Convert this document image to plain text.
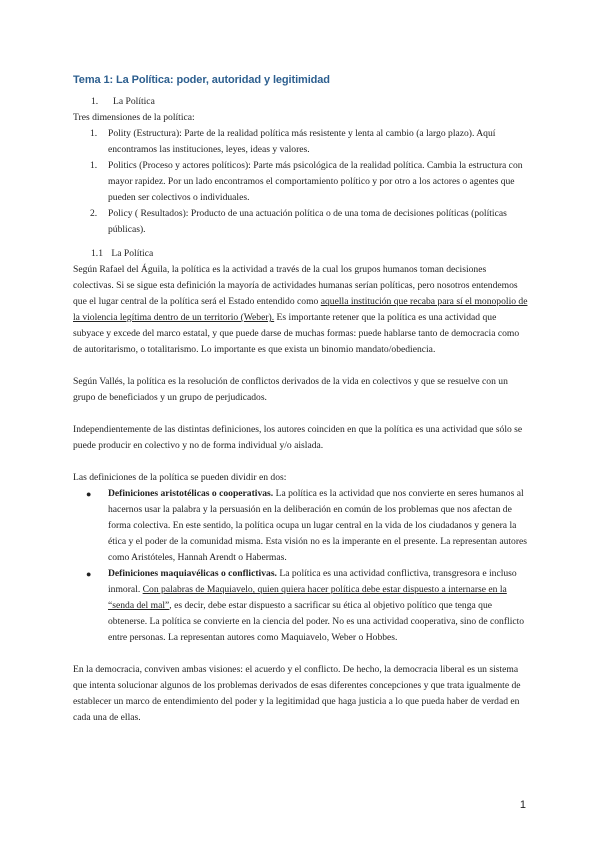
Tema 1: La Política: poder, autoridad y legitimidad
1.	La Política

Tres dimensiones de la política:

1.	Polity (Estructura): Parte de la realidad política más resistente y lenta al cambio (a largo plazo). Aquí encontramos las instituciones, leyes, ideas y valores.
1.	Politics (Proceso y actores políticos): Parte más psicológica de la realidad política. Cambia la estructura con mayor rapidez. Por un lado encontramos el comportamiento político y por otro a los actores o agentes que pueden ser colectivos o individuales.
2.	Policy ( Resultados): Producto de una actuación política o de una toma de decisiones políticas (políticas públicas).

1.1 La Política

Según Rafael del Águila, la política es la actividad a través de la cual los grupos humanos toman decisiones colectivas. Si se sigue esta definición la mayoría de actividades humanas serían políticas, pero nosotros entendemos que el lugar central de la política será el Estado entendido como aquella institución que recaba para sí el monopolio de la violencia legítima dentro de un territorio (Weber). Es importante retener que la política es una actividad que subyace y excede del marco estatal, y que puede darse de muchas formas: puede hablarse tanto de democracia como de autoritarismo, o totalitarismo. Lo importante es que exista un binomio mandato/obediencia.

Según Vallés, la política es la resolución de conflictos derivados de la vida en colectivos y que se resuelve con un grupo de beneficiados y un grupo de perjudicados.

Independientemente de las distintas definiciones, los autores coinciden en que la política es una actividad que sólo se puede producir en colectivo y no de forma individual y/o aislada.

Las definiciones de la política se pueden dividir en dos:

●	Definiciones aristotélicas o cooperativas. La política es la actividad que nos convierte en seres humanos al hacernos usar la palabra y la persuasión en la deliberación en común de los problemas que nos afectan de forma colectiva. En este sentido, la política ocupa un lugar central en la vida de los ciudadanos y genera la ética y el poder de la comunidad misma. Esta visión no es la imperante en el presente. La representan autores como Aristóteles, Hannah Arendt o Habermas.
●	Definiciones maquiavélicas o conflictivas. La política es una actividad conflictiva, transgresora e incluso inmoral. Con palabras de Maquiavelo, quien quiera hacer política debe estar dispuesto a internarse en la “senda del mal”, es decir, debe estar dispuesto a sacrificar su ética al objetivo político que tenga que obtenerse. La política se convierte en la ciencia del poder. No es una actividad cooperativa, sino de conflicto entre personas. La representan autores como Maquiavelo, Weber o Hobbes.

En la democracia, conviven ambas visiones: el acuerdo y el conflicto. De hecho, la democracia liberal es un sistema que intenta solucionar algunos de los problemas derivados de esas diferentes concepciones y que trata igualmente de establecer un marco de entendimiento del poder y la legitimidad que haga justicia a lo que pueda haber de verdad en cada una de ellas.

1
